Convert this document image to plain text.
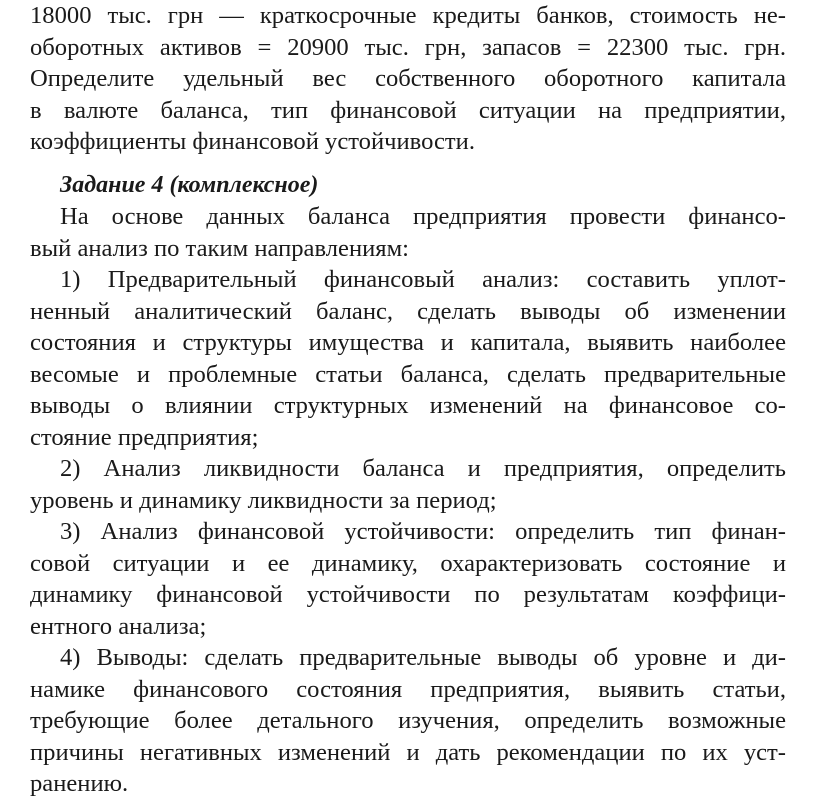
18000 тыс. грн — краткосрочные кредиты банков, стоимость не-
оборотных активов = 20900 тыс. грн, запасов = 22300 тыс. грн.
Определите удельный вес собственного оборотного капитала
в валюте баланса, тип финансовой ситуации на предприятии,
коэффициенты финансовой устойчивости.
Задание 4 (комплексное)
На основе данных баланса предприятия провести финансо-
вый анализ по таким направлениям:
1) Предварительный финансовый анализ: составить уплот-
ненный аналитический баланс, сделать выводы об изменении
состояния и структуры имущества и капитала, выявить наиболее
весомые и проблемные статьи баланса, сделать предварительные
выводы о влиянии структурных изменений на финансовое со-
стояние предприятия;
2) Анализ ликвидности баланса и предприятия, определить
уровень и динамику ликвидности за период;
3) Анализ финансовой устойчивости: определить тип финан-
совой ситуации и ее динамику, охарактеризовать состояние и
динамику финансовой устойчивости по результатам коэффици-
ентного анализа;
4) Выводы: сделать предварительные выводы об уровне и ди-
намике финансового состояния предприятия, выявить статьи,
требующие более детального изучения, определить возможные
причины негативных изменений и дать рекомендации по их уст-
ранению.
